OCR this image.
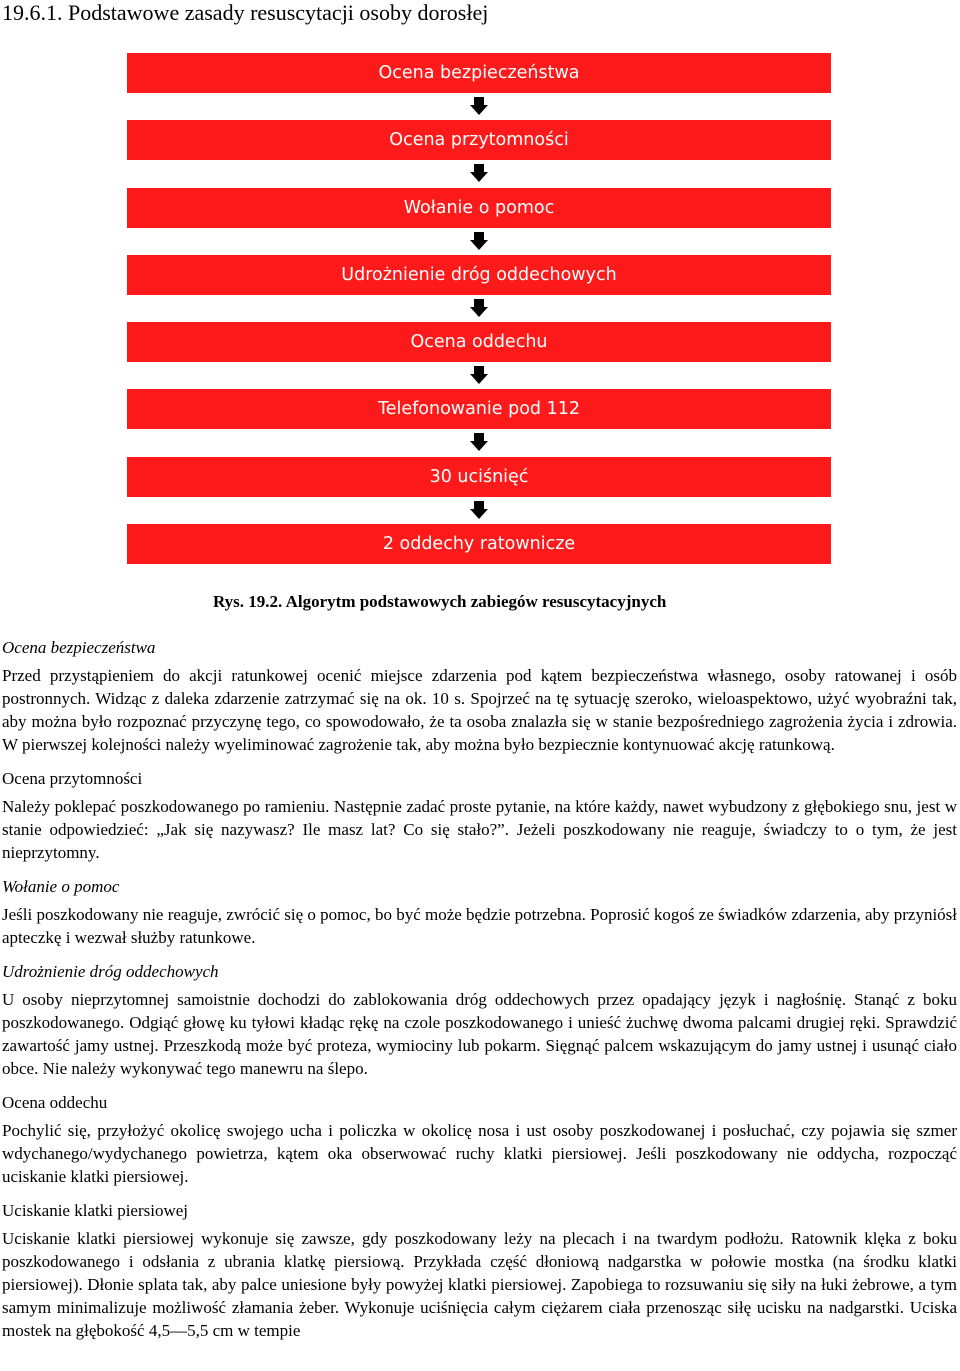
19.6.1. Podstawowe zasady resuscytacji osoby dorosłej
Ocena bezpieczeństwa
Ocena przytomności
Wołanie o pomoc
Udrożnienie dróg oddechowych
Ocena oddechu
Telefonowanie pod 112
30 uciśnięć
2 oddechy ratownicze

Rys. 19.2. Algorytm podstawowych zabiegów resuscytacyjnych

Ocena bezpieczeństwa

Przed przystąpieniem do akcji ratunkowej ocenić miejsce zdarzenia pod kątem bezpieczeństwa własnego, osoby ratowanej i osób postronnych. Widząc z daleka zdarzenie zatrzymać się na ok. 10 s. Spojrzeć na tę sytuację szeroko, wieloaspektowo, użyć wyobraźni tak, aby można było rozpoznać przyczynę tego, co spowodowało, że ta osoba znalazła się w stanie bezpośredniego zagrożenia życia i zdrowia. W pierwszej kolejności należy wyeliminować zagrożenie tak, aby można było bezpiecznie kontynuować akcję ratunkową.

Ocena przytomności

Należy poklepać poszkodowanego po ramieniu. Następnie zadać proste pytanie, na które każdy, nawet wybudzony z głębokiego snu, jest w stanie odpowiedzieć: „Jak się nazywasz? Ile masz lat? Co się stało?”. Jeżeli poszkodowany nie reaguje, świadczy to o tym, że jest nieprzytomny.

Wołanie o pomoc

Jeśli poszkodowany nie reaguje, zwrócić się o pomoc, bo być może będzie potrzebna. Poprosić kogoś ze świadków zdarzenia, aby przyniósł apteczkę i wezwał służby ratunkowe.

Udrożnienie dróg oddechowych

U osoby nieprzytomnej samoistnie dochodzi do zablokowania dróg oddechowych przez opadający język i nagłośnię. Stanąć z boku poszkodowanego. Odgiąć głowę ku tyłowi kładąc rękę na czole poszkodowanego i unieść żuchwę dwoma palcami drugiej ręki. Sprawdzić zawartość jamy ustnej. Przeszkodą może być proteza, wymiociny lub pokarm. Sięgnąć palcem wskazującym do jamy ustnej i usunąć ciało obce. Nie należy wykonywać tego manewru na ślepo.

Ocena oddechu

Pochylić się, przyłożyć okolicę swojego ucha i policzka w okolicę nosa i ust osoby poszkodowanej i posłuchać, czy pojawia się szmer wdychanego/wydychanego powietrza, kątem oka obserwować ruchy klatki piersiowej. Jeśli poszkodowany nie oddycha, rozpocząć uciskanie klatki piersiowej.

Uciskanie klatki piersiowej

Uciskanie klatki piersiowej wykonuje się zawsze, gdy poszkodowany leży na plecach i na twardym podłożu. Ratownik klęka z boku poszkodowanego i odsłania z ubrania klatkę piersiową. Przykłada część dłoniową nadgarstka w połowie mostka (na środku klatki piersiowej). Dłonie splata tak, aby palce uniesione były powyżej klatki piersiowej. Zapobiega to rozsuwaniu się siły na łuki żebrowe, a tym samym minimalizuje możliwość złamania żeber. Wykonuje uciśnięcia całym ciężarem ciała przenosząc siłę ucisku na nadgarstki. Uciska mostek na głębokość 4,5—5,5 cm w tempie
